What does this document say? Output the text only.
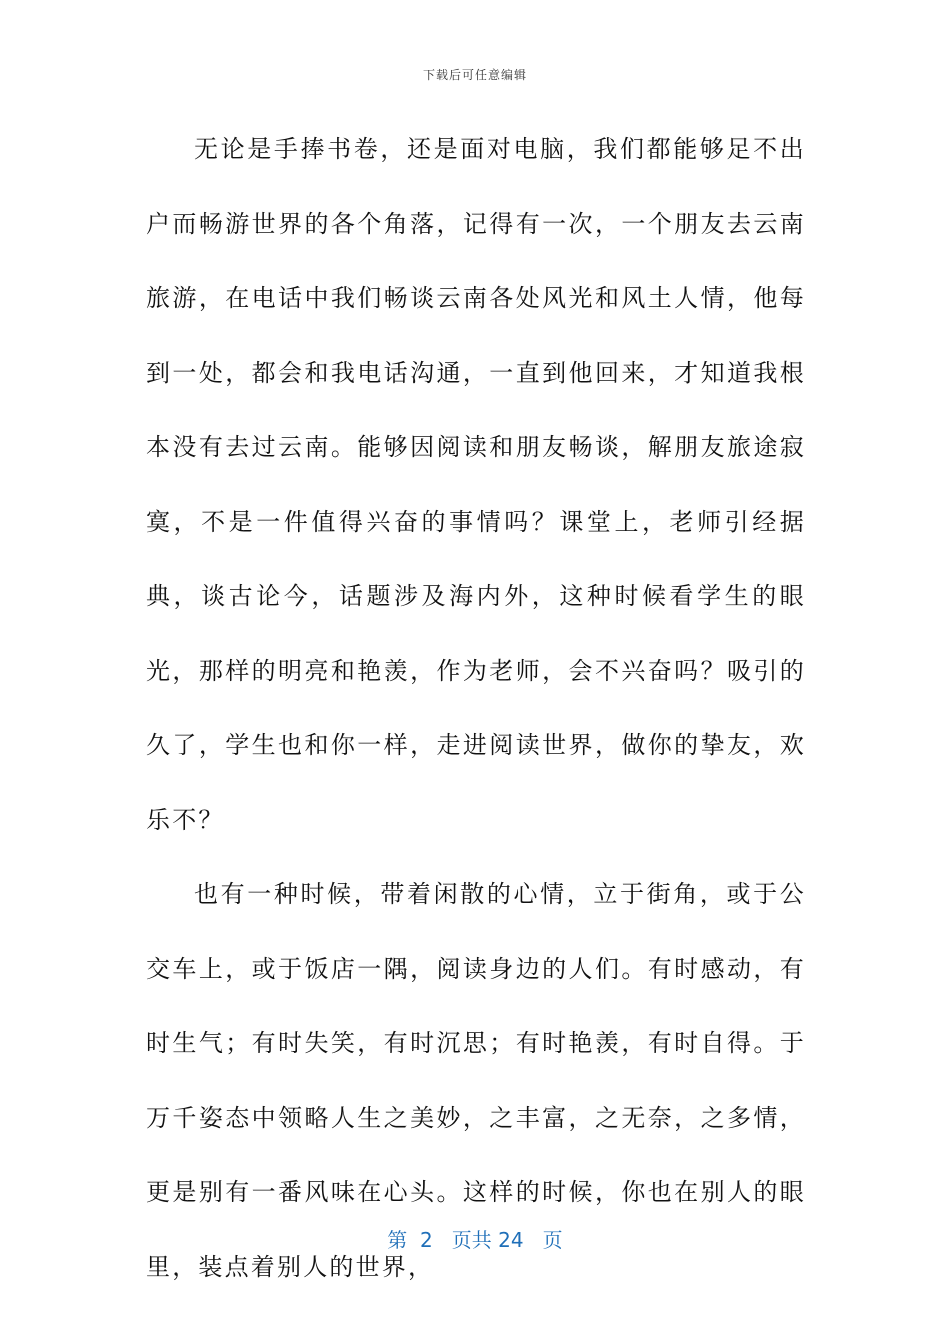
下载后可任意编辑

无论是手捧书卷，还是面对电脑，我们都能够足不出户而畅游世界的各个角落，记得有一次，一个朋友去云南旅游，在电话中我们畅谈云南各处风光和风土人情，他每到一处，都会和我电话沟通，一直到他回来，才知道我根本没有去过云南。能够因阅读和朋友畅谈，解朋友旅途寂寞，不是一件值得兴奋的事情吗？课堂上，老师引经据典，谈古论今，话题涉及海内外，这种时候看学生的眼光，那样的明亮和艳羡，作为老师，会不兴奋吗？吸引的久了，学生也和你一样，走进阅读世界，做你的挚友，欢乐不？

也有一种时候，带着闲散的心情，立于街角，或于公交车上，或于饭店一隅，阅读身边的人们。有时感动，有时生气；有时失笑，有时沉思；有时艳羡，有时自得。于万千姿态中领略人生之美妙，之丰富，之无奈，之多情，更是别有一番风味在心头。这样的时候，你也在别人的眼里，装点着别人的世界，

第  2   页共 24   页
